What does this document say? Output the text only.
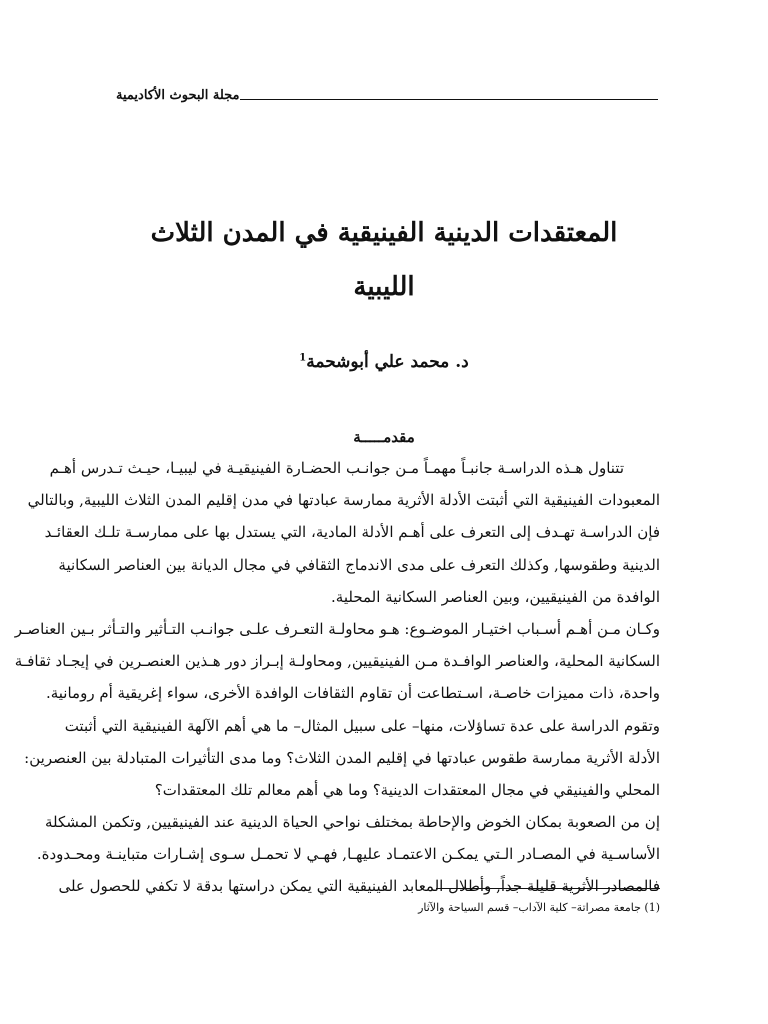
مجلة البحوث الأكاديمية
المعتقدات الدينية الفينيقية في المدن الثلاث
الليبية
د. محمد علي أبوشحمة$^1$
مقدمـــــة
تتناول هـذه الدراسـة جانبـاً مهمـاً مـن جوانـب الحضـارة الفينيقيـة في ليبيـا، حيـث تـدرس أهـم
المعبودات الفينيقية التي أثبتت الأدلة الأثرية ممارسة عبادتها في مدن إقليم المدن الثلاث الليبية, وبالتالي
فإن الدراسـة تهـدف إلى التعرف على أهـم الأدلة المادية، التي يستدل بها على ممارسـة تلـك العقائـد
الدينية وطقوسها, وكذلك التعرف على مدى الاندماج الثقافي في مجال الديانة بين العناصر السكانية
الوافدة من الفينيقيين، وبين العناصر السكانية المحلية.
وكـان مـن أهـم أسـباب اختيـار الموضـوع: هـو محاولـة التعـرف علـى جوانـب التـأثير والتـأثر بـين العناصـر
السكانية المحلية، والعناصر الوافـدة مـن الفينيقيين, ومحاولـة إبـراز دور هـذين العنصـرين في إيجـاد ثقافـة
واحدة، ذات مميزات خاصـة، اسـتطاعت أن تقاوم الثقافات الوافدة الأخرى، سواء إغريقية أم رومانية.
وتقوم الدراسة على عدة تساؤلات، منها– على سبيل المثال– ما هي أهم الآلهة الفينيقية التي أثبتت
الأدلة الأثرية ممارسة طقوس عبادتها في إقليم المدن الثلاث؟ وما مدى التأثيرات المتبادلة بين العنصرين:
المحلي والفينيقي في مجال المعتقدات الدينية؟ وما هي أهم معالم تلك المعتقدات؟
إن من الصعوبة بمكان الخوض والإحاطة بمختلف نواحي الحياة الدينية عند الفينيقيين, وتكمن المشكلة
الأساسـية في المصـادر الـتي يمكـن الاعتمـاد عليهـا, فهـي لا تحمـل سـوى إشـارات متباينـة ومحـدودة.
فالمصادر الأثرية قليلة جداً, وأطلال المعابد الفينيقية التي يمكن دراستها بدقة لا تكفي للحصول على
(1) جامعة مصراتة– كلية الآداب– قسم السياحة والآثار
